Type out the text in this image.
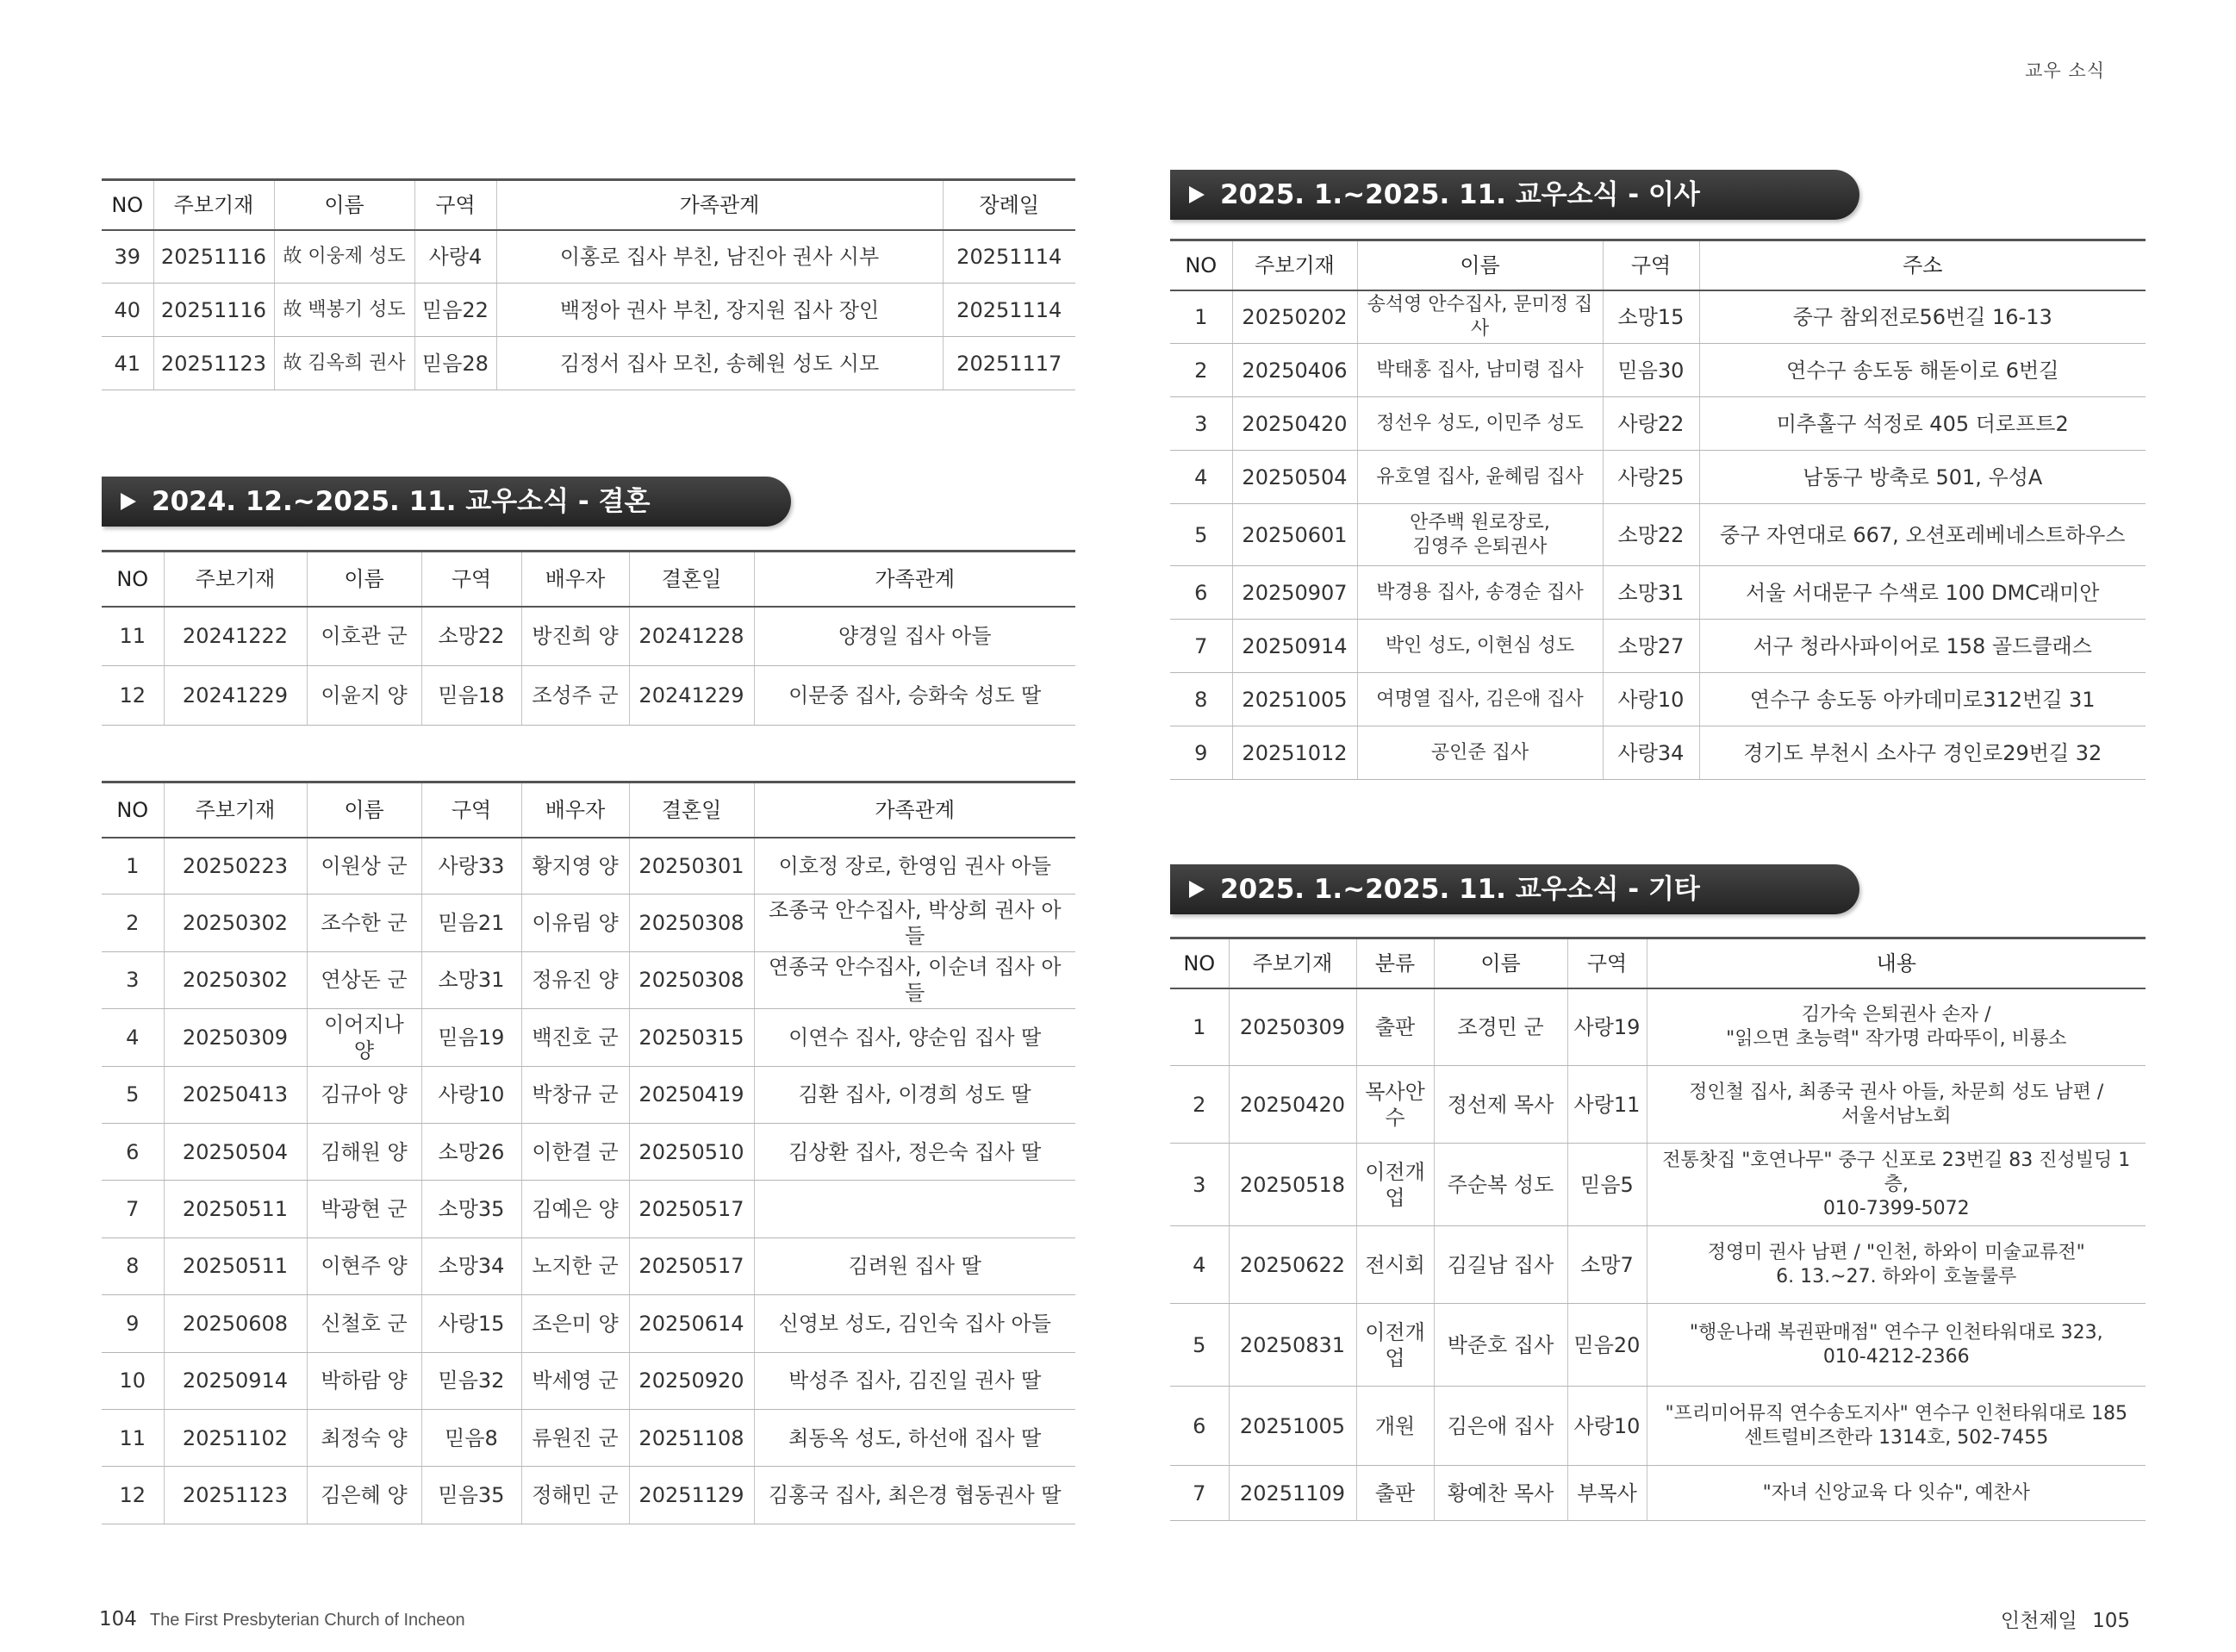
교우 소식
NO	주보기재	이름	구역	가족관계	장례일
39	20251116	故 이웅제 성도	사랑4	이홍로 집사 부친, 남진아 권사 시부	20251114
40	20251116	故 백봉기 성도	믿음22	백정아 권사 부친, 장지원 집사 장인	20251114
41	20251123	故 김옥희 권사	믿음28	김정서 집사 모친, 송혜원 성도 시모	20251117
2024. 12.~2025. 11. 교우소식 - 결혼
NO	주보기재	이름	구역	배우자	결혼일	가족관계
11	20241222	이호관 군	소망22	방진희 양	20241228	양경일 집사 아들
12	20241229	이윤지 양	믿음18	조성주 군	20241229	이문중 집사, 승화숙 성도 딸
NO	주보기재	이름	구역	배우자	결혼일	가족관계
1	20250223	이원상 군	사랑33	황지영 양	20250301	이호정 장로, 한영임 권사 아들
2	20250302	조수한 군	믿음21	이유림 양	20250308	조종국 안수집사, 박상희 권사 아들
3	20250302	연상돈 군	소망31	정유진 양	20250308	연종국 안수집사, 이순녀 집사 아들
4	20250309	이어지나 양	믿음19	백진호 군	20250315	이연수 집사, 양순임 집사 딸
5	20250413	김규아 양	사랑10	박창규 군	20250419	김환 집사, 이경희 성도 딸
6	20250504	김해원 양	소망26	이한결 군	20250510	김상환 집사, 정은숙 집사 딸
7	20250511	박광현 군	소망35	김예은 양	20250517	
8	20250511	이현주 양	소망34	노지한 군	20250517	김려원 집사 딸
9	20250608	신철호 군	사랑15	조은미 양	20250614	신영보 성도, 김인숙 집사 아들
10	20250914	박하람 양	믿음32	박세영 군	20250920	박성주 집사, 김진일 권사 딸
11	20251102	최정숙 양	믿음8	류원진 군	20251108	최동옥 성도, 하선애 집사 딸
12	20251123	김은혜 양	믿음35	정해민 군	20251129	김홍국 집사, 최은경 협동권사 딸
2025. 1.~2025. 11. 교우소식 - 이사
NO	주보기재	이름	구역	주소
1	20250202	송석영 안수집사, 문미정 집사	소망15	중구 참외전로56번길 16-13
2	20250406	박태홍 집사, 남미령 집사	믿음30	연수구 송도동 해돋이로 6번길
3	20250420	정선우 성도, 이민주 성도	사랑22	미추홀구 석정로 405 더로프트2
4	20250504	유호열 집사, 윤혜림 집사	사랑25	남동구 방축로 501, 우성A
5	20250601	안주백 원로장로,
김영주 은퇴권사	소망22	중구 자연대로 667, 오션포레베네스트하우스
6	20250907	박경용 집사, 송경순 집사	소망31	서울 서대문구 수색로 100 DMC래미안
7	20250914	박인 성도, 이현심 성도	소망27	서구 청라사파이어로 158 골드클래스
8	20251005	여명열 집사, 김은애 집사	사랑10	연수구 송도동 아카데미로312번길 31
9	20251012	공인준 집사	사랑34	경기도 부천시 소사구 경인로29번길 32
2025. 1.~2025. 11. 교우소식 - 기타
NO	주보기재	분류	이름	구역	내용
1	20250309	출판	조경민 군	사랑19	김가숙 은퇴권사 손자 /
"읽으면 초능력" 작가명 라따뚜이, 비룡소
2	20250420	목사안수	정선제 목사	사랑11	정인철 집사, 최종국 권사 아들, 차문희 성도 남편 /
서울서남노회
3	20250518	이전개업	주순복 성도	믿음5	전통찻집 "호연나무" 중구 신포로 23번길 83 진성빌딩 1층,
010-7399-5072
4	20250622	전시회	김길남 집사	소망7	정영미 권사 남편 / "인천, 하와이 미술교류전"
6. 13.~27. 하와이 호놀룰루
5	20250831	이전개업	박준호 집사	믿음20	"행운나래 복권판매점" 연수구 인천타워대로 323,
010-4212-2366
6	20251005	개원	김은애 집사	사랑10	"프리미어뮤직 연수송도지사" 연수구 인천타워대로 185
센트럴비즈한라 1314호, 502-7455
7	20251109	출판	황예찬 목사	부목사	"자녀 신앙교육 다 잇슈", 예찬사
104 The First Presbyterian Church of Incheon	인천제일 105
